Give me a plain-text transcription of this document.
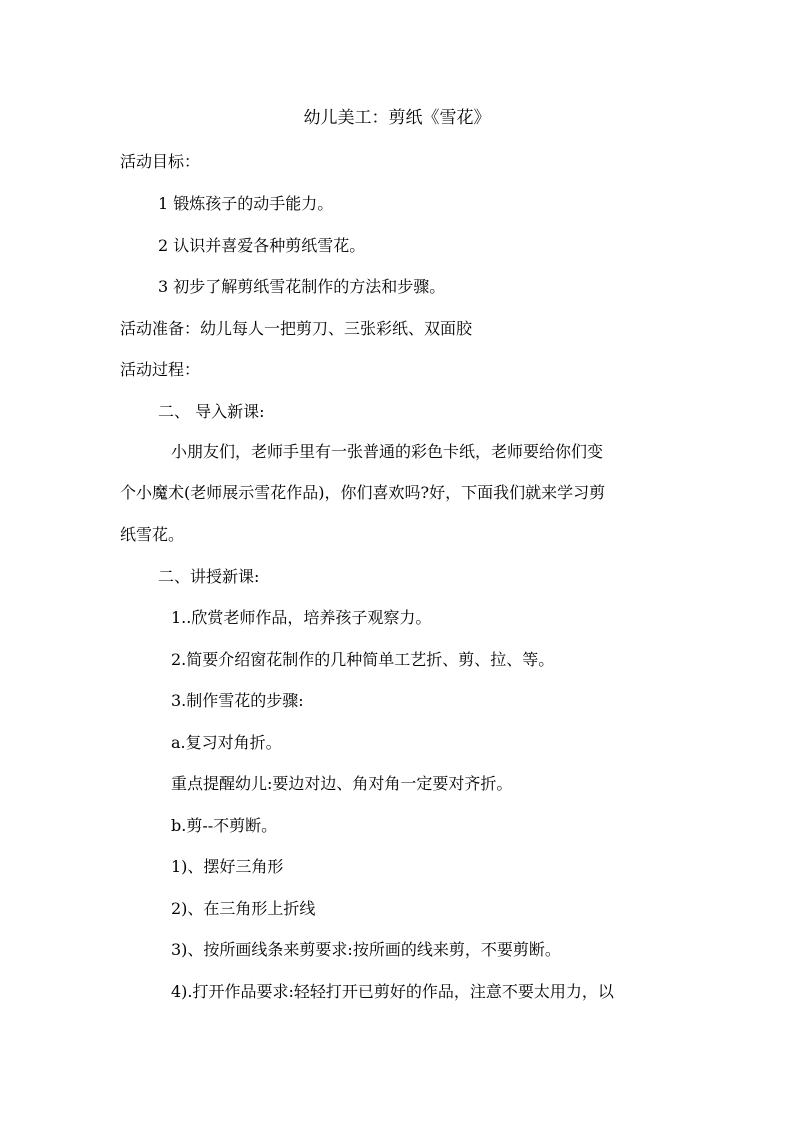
幼儿美工：剪纸《雪花》
活动目标：
1 锻炼孩子的动手能力。
2 认识并喜爱各种剪纸雪花。
3 初步了解剪纸雪花制作的方法和步骤。
活动准备：幼儿每人一把剪刀、三张彩纸、双面胶
活动过程：
二、 导入新课:
小朋友们，老师手里有一张普通的彩色卡纸，老师要给你们变
个小魔术(老师展示雪花作品)，你们喜欢吗?好，下面我们就来学习剪
纸雪花。
二、讲授新课:
1..欣赏老师作品，培养孩子观察力。
2.简要介绍窗花制作的几种简单工艺折、剪、拉、等。
3.制作雪花的步骤:
a.复习对角折。
重点提醒幼儿:要边对边、角对角一定要对齐折。
b.剪--不剪断。
1)、摆好三角形
2)、在三角形上折线
3)、按所画线条来剪要求:按所画的线来剪，不要剪断。
4).打开作品要求:轻轻打开已剪好的作品，注意不要太用力，以
